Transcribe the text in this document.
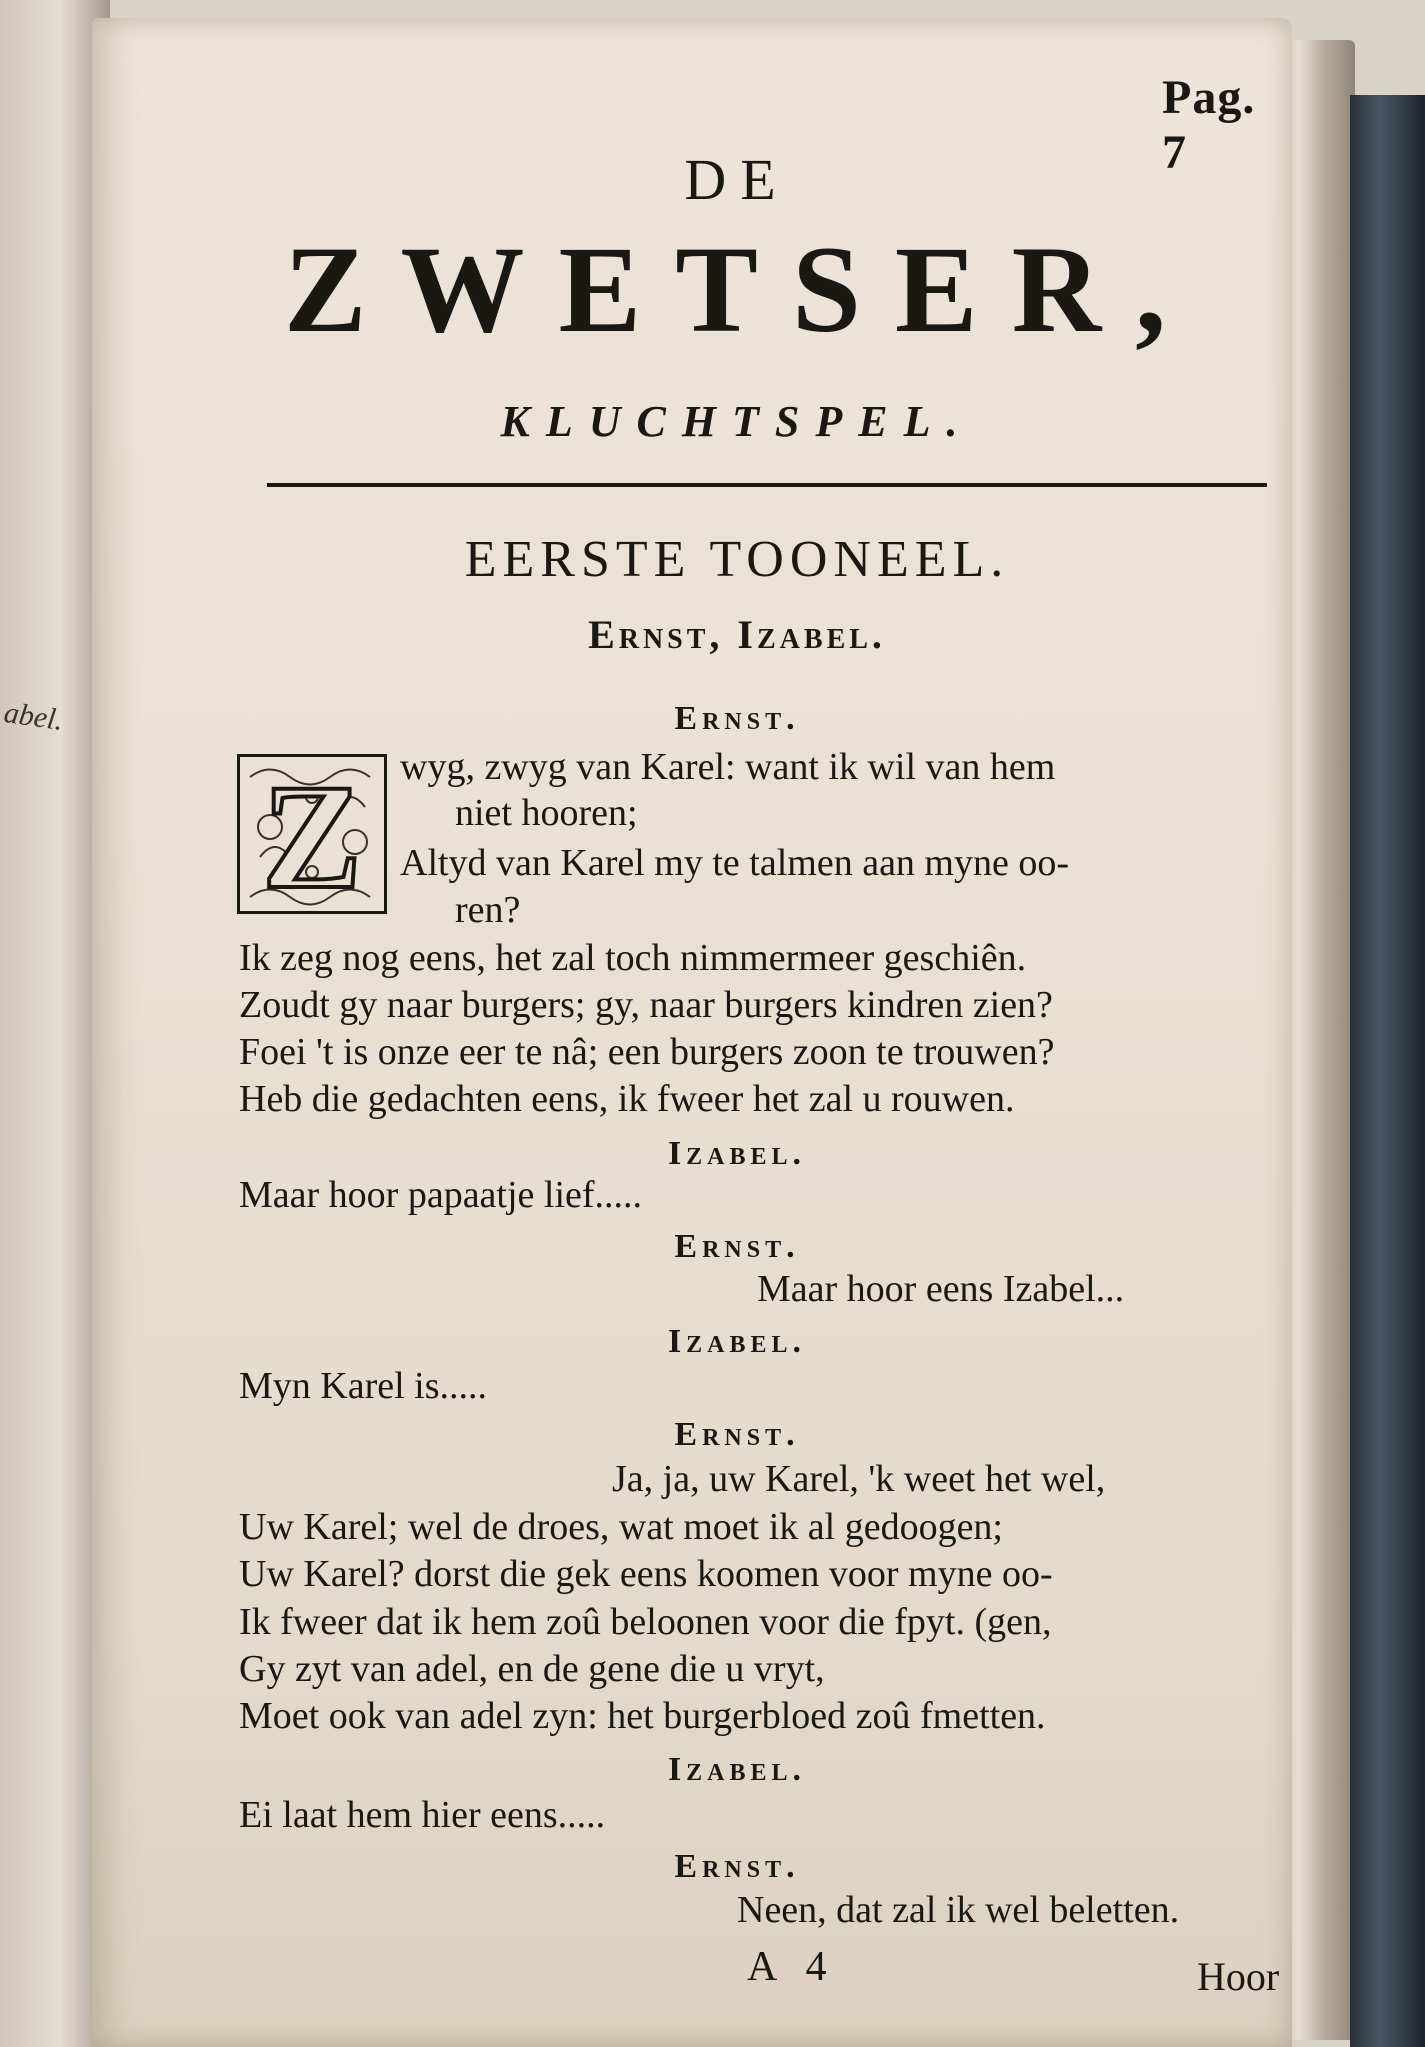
abel.
Pag. 7
DE
ZWETSER,
KLUCHTSPEL.
EERSTE TOONEEL.
Ernst, Izabel.
Z
Ernst.
wyg, zwyg van Karel: want ik wil van hem
niet hooren;
Altyd van Karel my te talmen aan myne oo-
ren?
Ik zeg nog eens, het zal toch nimmermeer geschiên.
Zoudt gy naar burgers; gy, naar burgers kindren zien?
Foei 't is onze eer te nâ; een burgers zoon te trouwen?
Heb die gedachten eens, ik fweer het zal u rouwen.
Izabel.
Maar hoor papaatje lief.....
Ernst.
Maar hoor eens Izabel...
Izabel.
Myn Karel is.....
Ernst.
Ja, ja, uw Karel, 'k weet het wel,
Uw Karel; wel de droes, wat moet ik al gedoogen;
Uw Karel? dorst die gek eens koomen voor myne oo-
Ik fweer dat ik hem zoû beloonen voor die fpyt. (gen,
Gy zyt van adel, en de gene die u vryt,
Moet ook van adel zyn: het burgerbloed zoû fmetten.
Izabel.
Ei laat hem hier eens.....
Ernst.
Neen, dat zal ik wel beletten.
A 4	Hoor
